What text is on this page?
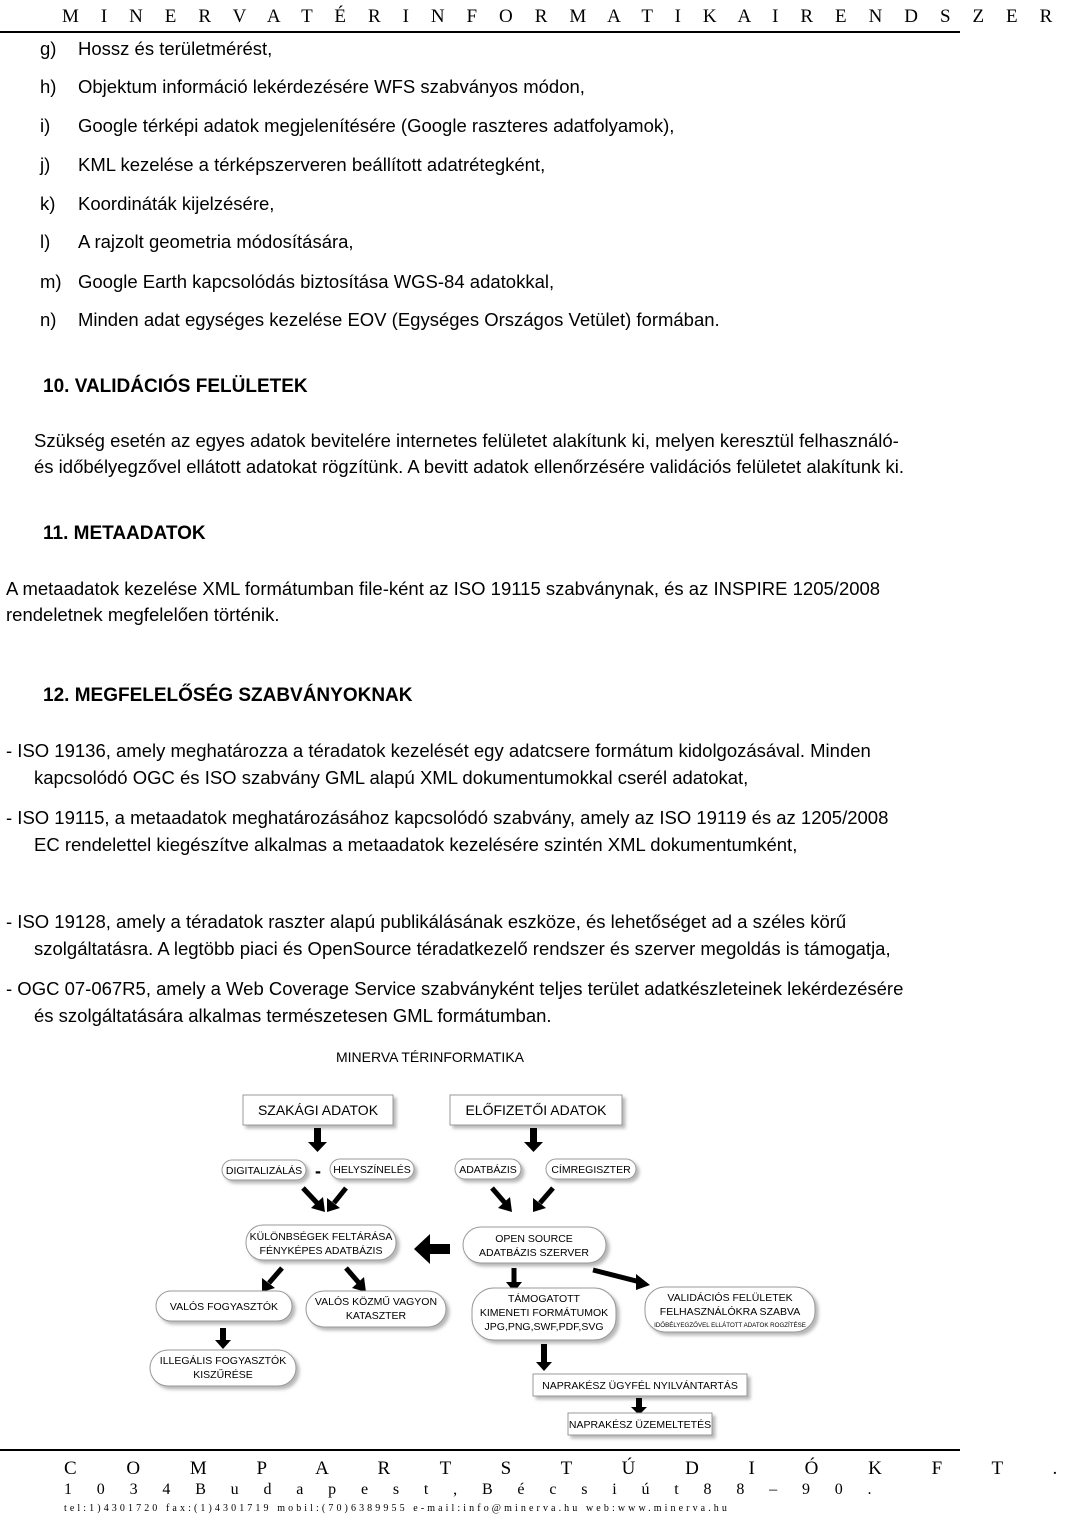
M I N E R V A T É R I N F O R M A T I K A I R E N D S Z E R
g) Hossz és területmérést,
h) Objektum információ lekérdezésére WFS szabványos módon,
i) Google térképi adatok megjelenítésére (Google raszteres adatfolyamok),
j) KML kezelése a térképszerveren beállított adatrétegként,
k) Koordináták kijelzésére,
l) A rajzolt geometria módosítására,
m) Google Earth kapcsolódás biztosítása WGS-84 adatokkal,
n) Minden adat egységes kezelése EOV (Egységes Országos Vetület) formában.
10. VALIDÁCIÓS FELÜLETEK
Szükség esetén az egyes adatok bevitelére internetes felületet alakítunk ki, melyen keresztül felhasználó-
és időbélyegzővel ellátott adatokat rögzítünk. A bevitt adatok ellenőrzésére validációs felületet alakítunk ki.
11. METAADATOK
A metaadatok kezelése XML formátumban file-ként az ISO 19115 szabványnak, és az INSPIRE 1205/2008
rendeletnek megfelelően történik.
12. MEGFELELŐSÉG SZABVÁNYOKNAK
- ISO 19136, amely meghatározza a téradatok kezelését egy adatcsere formátum kidolgozásával. Minden
kapcsolódó OGC és ISO szabvány GML alapú XML dokumentumokkal cserél adatokat,
- ISO 19115, a metaadatok meghatározásához kapcsolódó szabvány, amely az ISO 19119 és az 1205/2008
EC rendelettel kiegészítve alkalmas a metaadatok kezelésére szintén XML dokumentumként,
- ISO 19128, amely a téradatok raszter alapú publikálásának eszköze, és lehetőséget ad a széles körű
szolgáltatásra. A legtöbb piaci és OpenSource téradatkezelő rendszer és szerver megoldás is támogatja,
- OGC 07-067R5, amely a Web Coverage Service szabványként teljes terület adatkészleteinek lekérdezésére
és szolgáltatására alkalmas természetesen GML formátumban.
MINERVA TÉRINFORMATIKA
SZAKÁGI ADATOK	ELŐFIZETŐI ADATOK
DIGITALIZÁLÁS - HELYSZÍNELÉS	ADATBÁZIS	CÍMREGISZTER
KÜLÖNBSÉGEK FELTÁRÁSA
FÉNYKÉPES ADATBÁZIS
OPEN SOURCE
ADATBÁZIS SZERVER
VALÓS FOGYASZTÓK	VALÓS KÖZMŰ VAGYON
KATASZTER
TÁMOGATOTT
KIMENETI FORMÁTUMOK
JPG,PNG,SWF,PDF,SVG
VALIDÁCIÓS FELÜLETEK
FELHASZNÁLÓKRA SZABVA
IDŐBÉLYEGZŐVEL ELLÁTOTT ADATOK ROGZÍTÉSE
ILLEGÁLIS FOGYASZTÓK
KISZŰRÉSE
NAPRAKÉSZ ÜGYFÉL NYILVÁNTARTÁS
NAPRAKÉSZ ÜZEMELTETÉS
C O M P A R T S T Ú D I Ó K F T .
1 0 3 4 B u d a p e s t , B é c s i ú t 8 8 – 9 0 .
tel:1)4301720 fax:(1)4301719 mobil:(70)6389955 e-mail:info@minerva.hu web:www.minerva.hu
